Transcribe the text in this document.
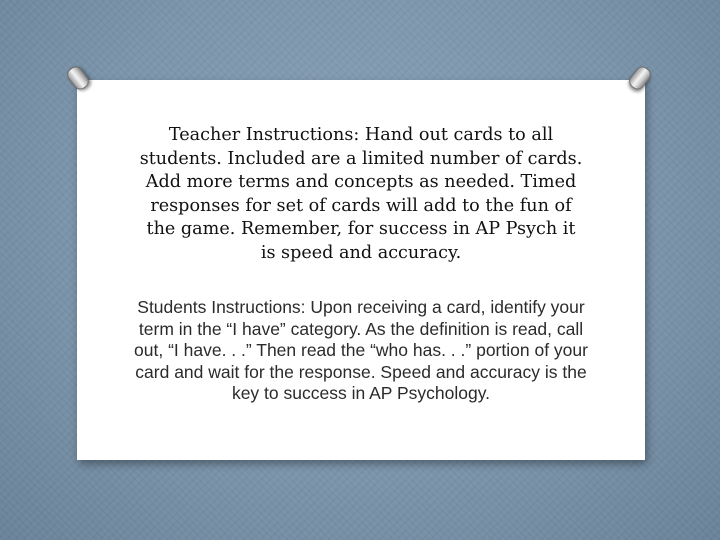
Teacher Instructions: Hand out cards to all students. Included are a limited number of cards. Add more terms and concepts as needed. Timed responses for set of cards will add to the fun of the game. Remember, for success in AP Psych it is speed and accuracy.

Students Instructions: Upon receiving a card, identify your term in the “I have” category. As the definition is read, call out, “I have. . .” Then read the “who has. . .” portion of your card and wait for the response. Speed and accuracy is the key to success in AP Psychology.
